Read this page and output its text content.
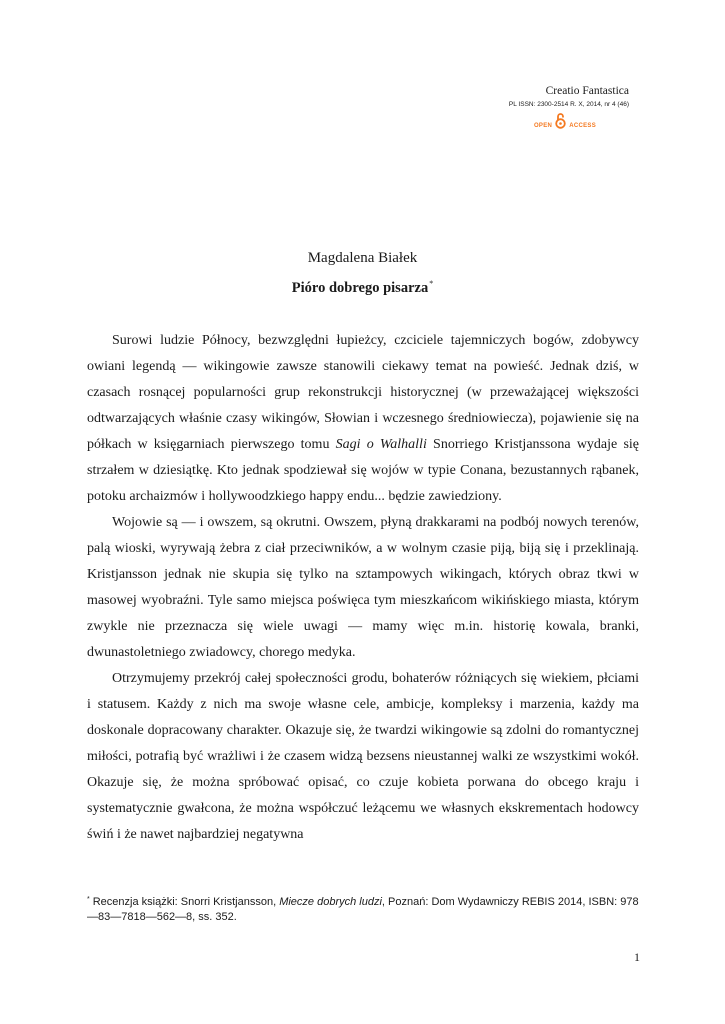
Creatio Fantastica
PL ISSN: 2300-2514 R. X, 2014, nr 4 (46)
OPEN	ACCESS
Magdalena Białek
Pióro dobrego pisarza*

Surowi ludzie Północy, bezwzględni łupieżcy, czciciele tajemniczych bogów, zdobywcy owiani legendą — wikingowie zawsze stanowili ciekawy temat na powieść. Jednak dziś, w czasach rosnącej popularności grup rekonstrukcji historycznej (w przeważającej większości odtwarzających właśnie czasy wikingów, Słowian i wczesnego średniowiecza), pojawienie się na półkach w księgarniach pierwszego tomu Sagi o Walhalli Snorriego Kristjanssona wydaje się strzałem w dziesiątkę. Kto jednak spodziewał się wojów w typie Conana, bezustannych rąbanek, potoku archaizmów i hollywoodzkiego happy endu... będzie zawiedziony.

Wojowie są — i owszem, są okrutni. Owszem, płyną drakkarami na podbój nowych terenów, palą wioski, wyrywają żebra z ciał przeciwników, a w wolnym czasie piją, biją się i przeklinają. Kristjansson jednak nie skupia się tylko na sztampowych wikingach, których obraz tkwi w masowej wyobraźni. Tyle samo miejsca poświęca tym mieszkańcom wikińskiego miasta, którym zwykle nie przeznacza się wiele uwagi — mamy więc m.in. historię kowala, branki, dwunastoletniego zwiadowcy, chorego medyka.

Otrzymujemy przekrój całej społeczności grodu, bohaterów różniących się wiekiem, płciami i statusem. Każdy z nich ma swoje własne cele, ambicje, kompleksy i marzenia, każdy ma doskonale dopracowany charakter. Okazuje się, że twardzi wikingowie są zdolni do romantycznej miłości, potrafią być wrażliwi i że czasem widzą bezsens nieustannej walki ze wszystkimi wokół. Okazuje się, że można spróbować opisać, co czuje kobieta porwana do obcego kraju i systematycznie gwałcona, że można współczuć leżącemu we własnych ekskrementach hodowcy świń i że nawet najbardziej negatywna

* Recenzja książki: Snorri Kristjansson, Miecze dobrych ludzi, Poznań: Dom Wydawniczy REBIS 2014, ISBN: 978—83—7818—562—8, ss. 352.
1
